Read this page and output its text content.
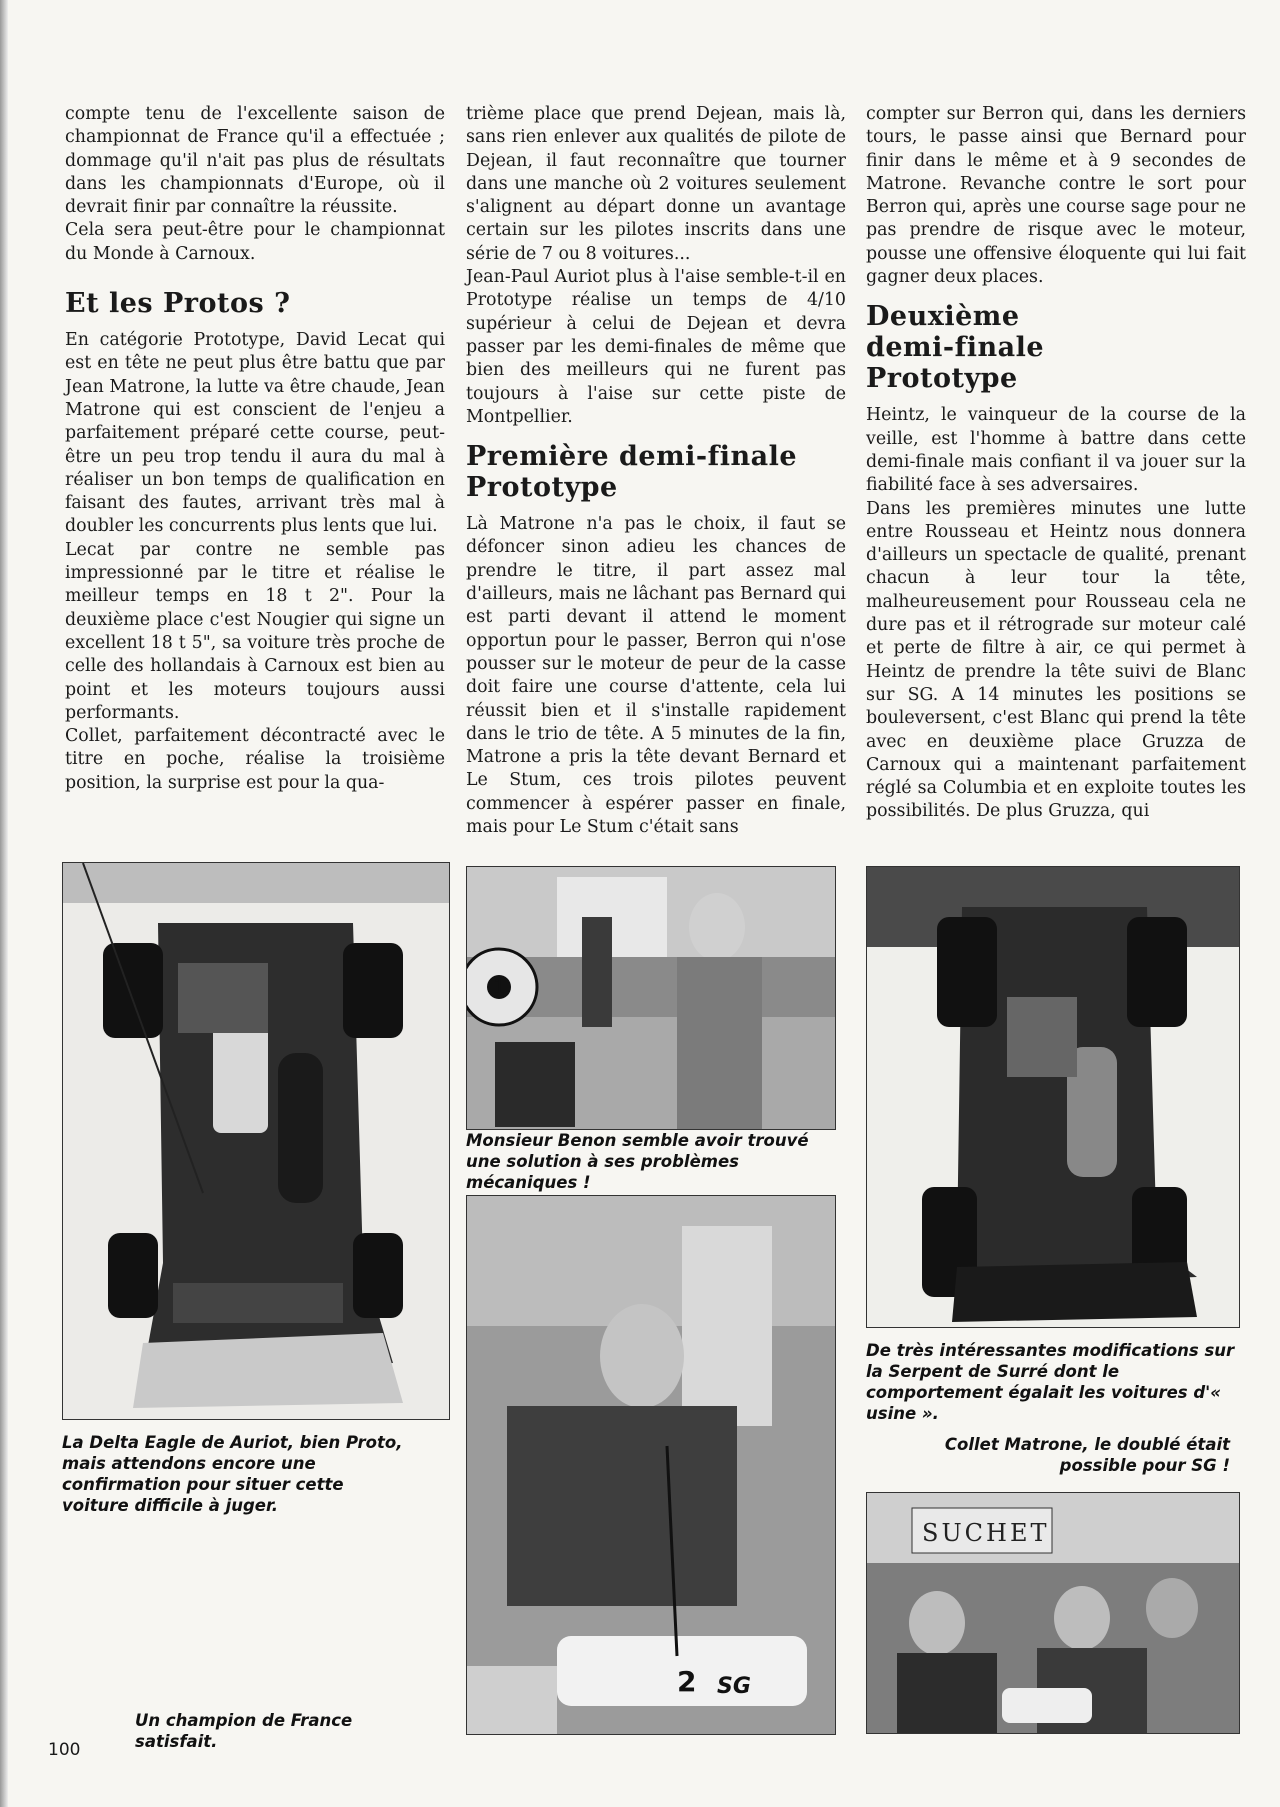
compte tenu de l'excellente saison de championnat de France qu'il a effectuée ; dommage qu'il n'ait pas plus de résultats dans les championnats d'Europe, où il devrait finir par connaître la réussite.

Cela sera peut-être pour le championnat du Monde à Carnoux.

Et les Protos ?

En catégorie Prototype, David Lecat qui est en tête ne peut plus être battu que par Jean Matrone, la lutte va être chaude, Jean Matrone qui est conscient de l'enjeu a parfaitement préparé cette course, peut-être un peu trop tendu il aura du mal à réaliser un bon temps de qualification en faisant des fautes, arrivant très mal à doubler les concurrents plus lents que lui.

Lecat par contre ne semble pas impressionné par le titre et réalise le meilleur temps en 18 t 2". Pour la deuxième place c'est Nougier qui signe un excellent 18 t 5", sa voiture très proche de celle des hollandais à Carnoux est bien au point et les moteurs toujours aussi performants.

Collet, parfaitement décontracté avec le titre en poche, réalise la troisième position, la surprise est pour la qua-

trième place que prend Dejean, mais là, sans rien enlever aux qualités de pilote de Dejean, il faut reconnaître que tourner dans une manche où 2 voitures seulement s'alignent au départ donne un avantage certain sur les pilotes inscrits dans une série de 7 ou 8 voitures...

Jean-Paul Auriot plus à l'aise semble-t-il en Prototype réalise un temps de 4/10 supérieur à celui de Dejean et devra passer par les demi-finales de même que bien des meilleurs qui ne furent pas toujours à l'aise sur cette piste de Montpellier.

Première demi-finale Prototype

Là Matrone n'a pas le choix, il faut se défoncer sinon adieu les chances de prendre le titre, il part assez mal d'ailleurs, mais ne lâchant pas Bernard qui est parti devant il attend le moment opportun pour le passer, Berron qui n'ose pousser sur le moteur de peur de la casse doit faire une course d'attente, cela lui réussit bien et il s'installe rapidement dans le trio de tête. A 5 minutes de la fin, Matrone a pris la tête devant Bernard et Le Stum, ces trois pilotes peuvent commencer à espérer passer en finale, mais pour Le Stum c'était sans

compter sur Berron qui, dans les derniers tours, le passe ainsi que Bernard pour finir dans le même et à 9 secondes de Matrone. Revanche contre le sort pour Berron qui, après une course sage pour ne pas prendre de risque avec le moteur, pousse une offensive éloquente qui lui fait gagner deux places.

Deuxième demi-finale Prototype

Heintz, le vainqueur de la course de la veille, est l'homme à battre dans cette demi-finale mais confiant il va jouer sur la fiabilité face à ses adversaires.

Dans les premières minutes une lutte entre Rousseau et Heintz nous donnera d'ailleurs un spectacle de qualité, prenant chacun à leur tour la tête, malheureusement pour Rousseau cela ne dure pas et il rétrograde sur moteur calé et perte de filtre à air, ce qui permet à Heintz de prendre la tête suivi de Blanc sur SG. A 14 minutes les positions se bouleversent, c'est Blanc qui prend la tête avec en deuxième place Gruzza de Carnoux qui a maintenant parfaitement réglé sa Columbia et en exploite toutes les possibilités. De plus Gruzza, qui

La Delta Eagle de Auriot, bien Proto, mais attendons encore une confirmation pour situer cette voiture difficile à juger.
1
Monsieur Benon semble avoir trouvé une solution à ses problèmes mécaniques !
2 SG
Un champion de France satisfait.
De très intéressantes modifications sur la Serpent de Surré dont le comportement égalait les voitures d'« usine ».
Collet Matrone, le doublé était possible pour SG !
SUCHET
100
